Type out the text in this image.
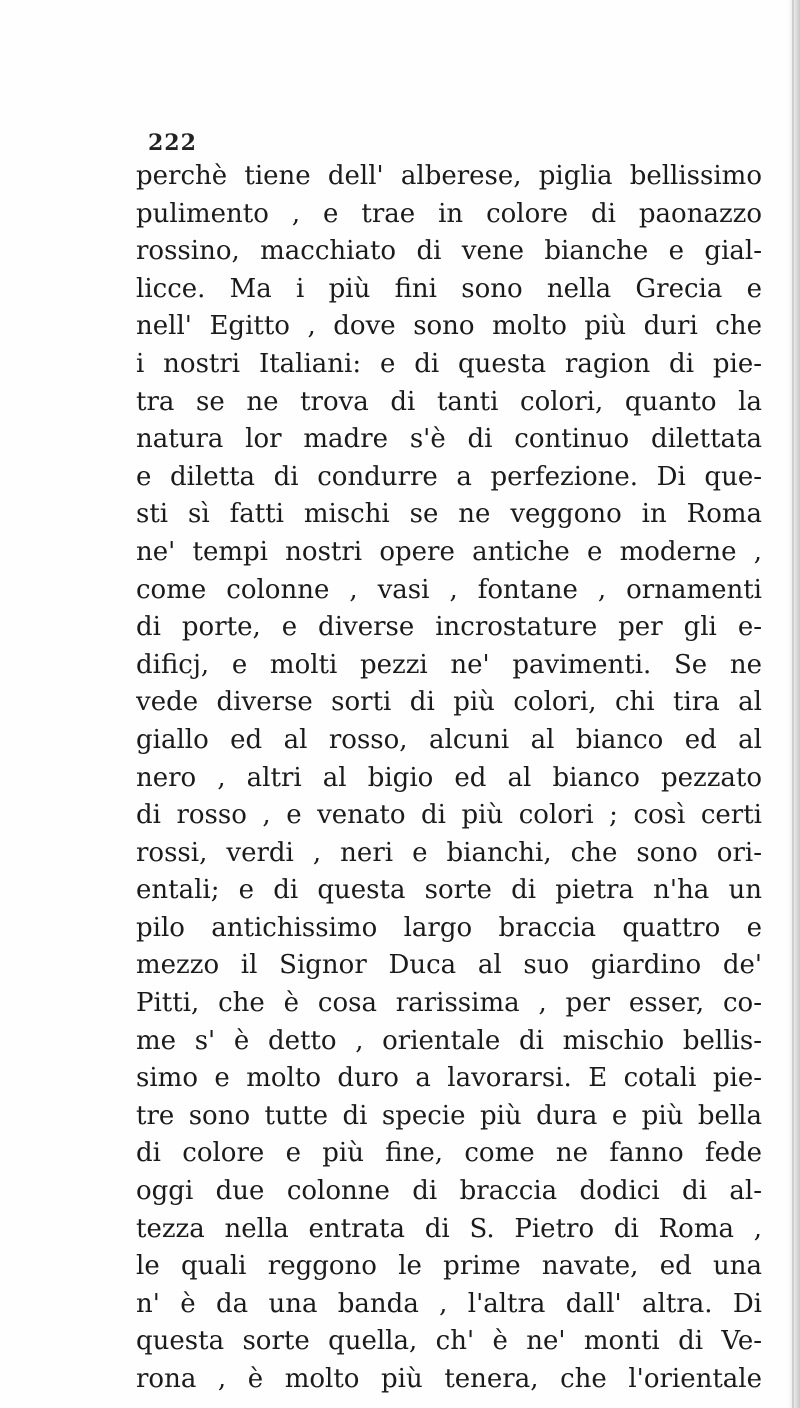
222
perchè tiene dell' alberese, piglia bellissimo
pulimento , e trae in colore di paonazzo
rossino, macchiato di vene bianche e gial-
licce. Ma i più fini sono nella Grecia e
nell' Egitto , dove sono molto più duri che
i nostri Italiani: e di questa ragion di pie-
tra se ne trova di tanti colori, quanto la
natura lor madre s'è di continuo dilettata
e diletta di condurre a perfezione. Di que-
sti sì fatti mischi se ne veggono in Roma
ne' tempi nostri opere antiche e moderne ,
come colonne , vasi , fontane , ornamenti
di porte, e diverse incrostature per gli e-
dificj, e molti pezzi ne' pavimenti. Se ne
vede diverse sorti di più colori, chi tira al
giallo ed al rosso, alcuni al bianco ed al
nero , altri al bigio ed al bianco pezzato
di rosso , e venato di più colori ; così certi
rossi, verdi , neri e bianchi, che sono ori-
entali; e di questa sorte di pietra n'ha un
pilo antichissimo largo braccia quattro e
mezzo il Signor Duca al suo giardino de'
Pitti, che è cosa rarissima , per esser, co-
me s' è detto , orientale di mischio bellis-
simo e molto duro a lavorarsi. E cotali pie-
tre sono tutte di specie più dura e più bella
di colore e più fine, come ne fanno fede
oggi due colonne di braccia dodici di al-
tezza nella entrata di S. Pietro di Roma ,
le quali reggono le prime navate, ed una
n' è da una banda , l'altra dall' altra. Di
questa sorte quella, ch' è ne' monti di Ve-
rona , è molto più tenera, che l'orientale
